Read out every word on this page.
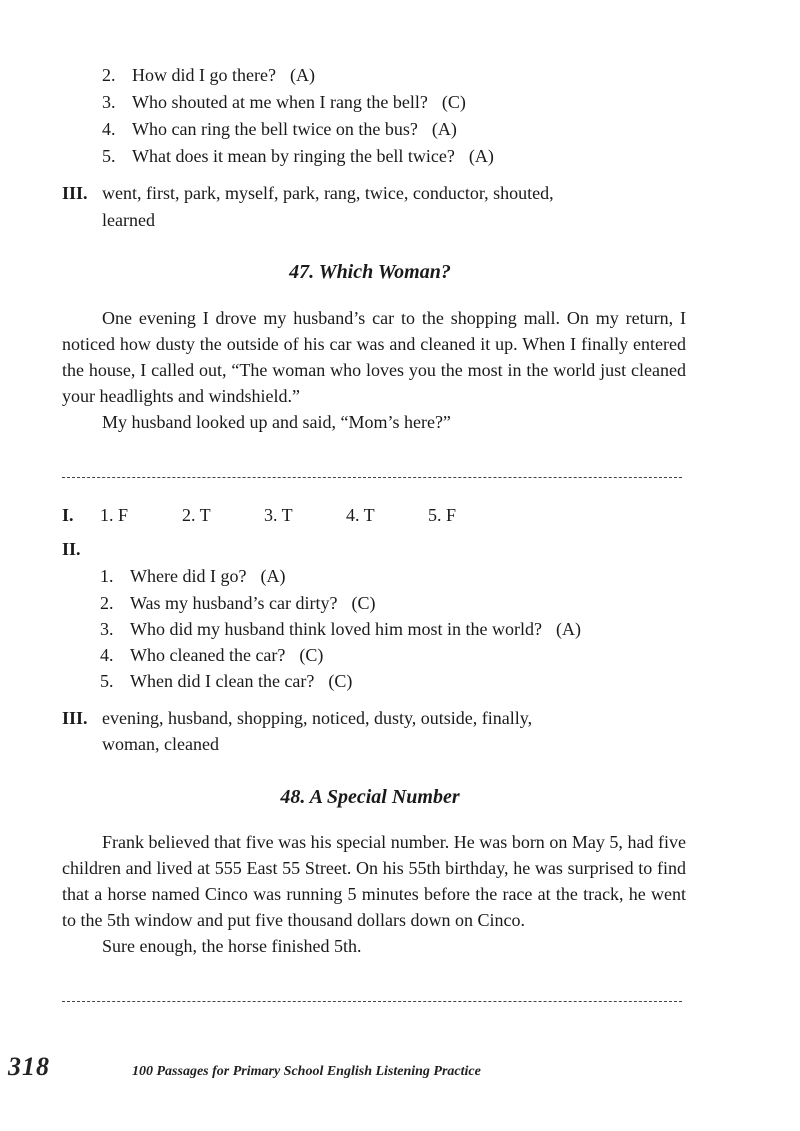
2. How did I go there? (A)
3. Who shouted at me when I rang the bell? (C)
4. Who can ring the bell twice on the bus? (A)
5. What does it mean by ringing the bell twice? (A)
III. went, first, park, myself, park, rang, twice, conductor, shouted,
learned
47. Which Woman?

One evening I drove my husband’s car to the shopping mall. On my return, I noticed how dusty the outside of his car was and cleaned it up. When I finally entered the house, I called out, “The woman who loves you the most in the world just cleaned your headlights and windshield.”

My husband looked up and said, “Mom’s here?”

I. 1. F	2. T	3. T	4. T	5. F
II.
1. Where did I go? (A)
2. Was my husband’s car dirty? (C)
3. Who did my husband think loved him most in the world? (A)
4. Who cleaned the car? (C)
5. When did I clean the car? (C)
III. evening, husband, shopping, noticed, dusty, outside, finally,
woman, cleaned
48. A Special Number

Frank believed that five was his special number. He was born on May 5, had five children and lived at 555 East 55 Street. On his 55th birthday, he was surprised to find that a horse named Cinco was running 5 minutes before the race at the track, he went to the 5th window and put five thousand dollars down on Cinco.

Sure enough, the horse finished 5th.

318	100 Passages for Primary School English Listening Practice
